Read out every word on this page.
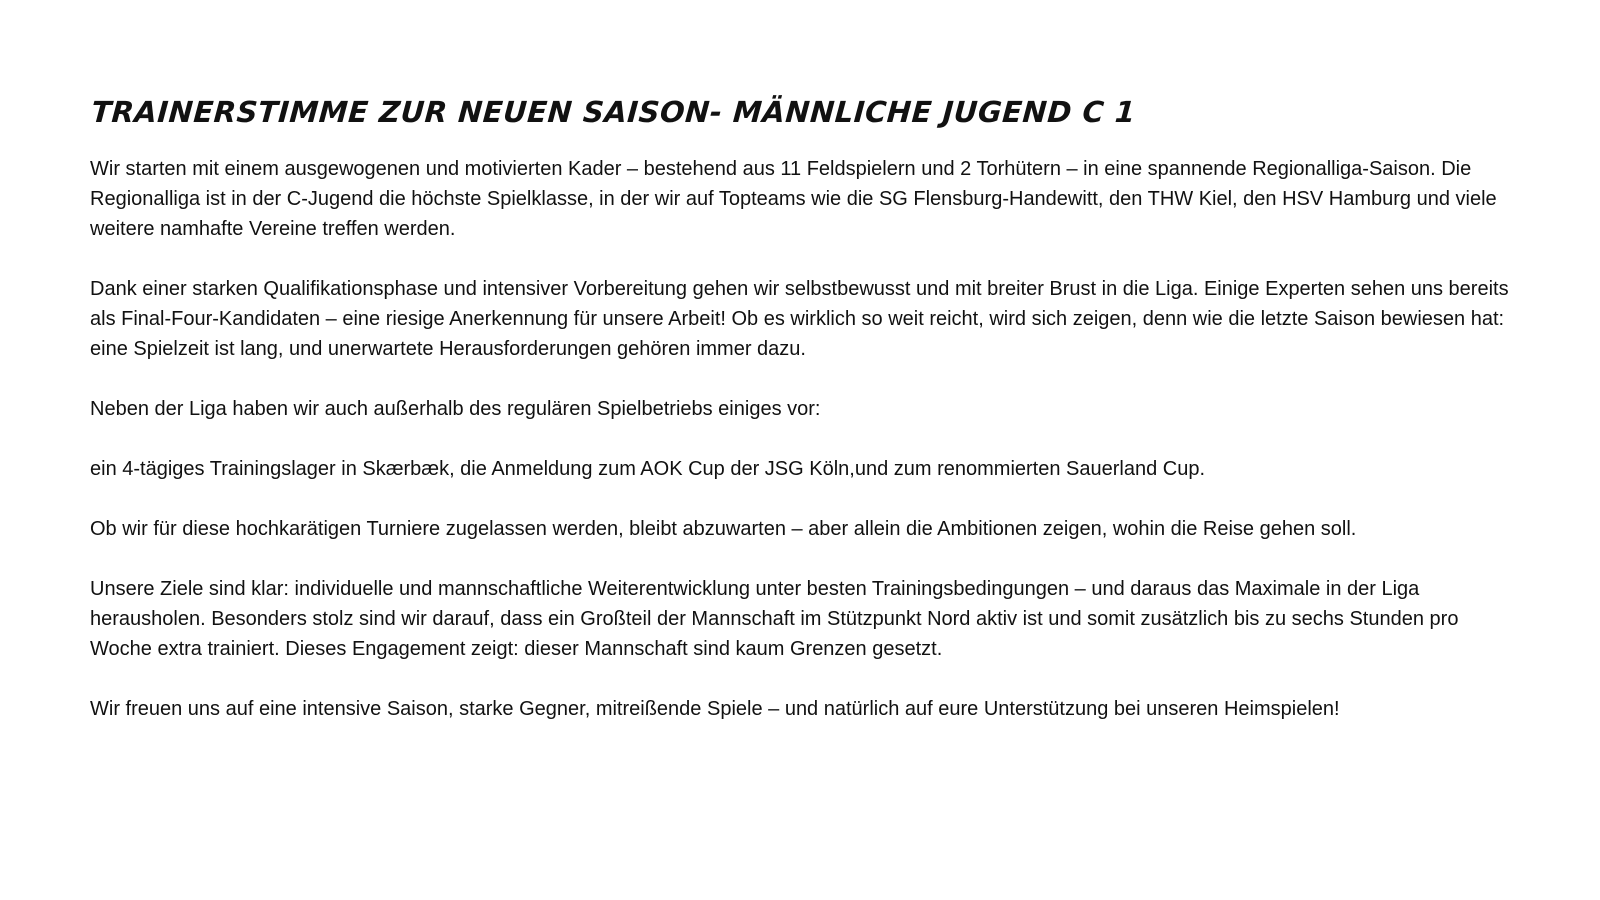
TRAINERSTIMME ZUR NEUEN SAISON- MÄNNLICHE JUGEND C 1

Wir starten mit einem ausgewogenen und motivierten Kader – bestehend aus 11 Feldspielern und 2 Torhütern – in eine spannende Regionalliga-Saison. Die Regionalliga ist in der C-Jugend die höchste Spielklasse, in der wir auf Topteams wie die SG Flensburg-Handewitt, den THW Kiel, den HSV Hamburg und viele weitere namhafte Vereine treffen werden.

Dank einer starken Qualifikationsphase und intensiver Vorbereitung gehen wir selbstbewusst und mit breiter Brust in die Liga. Einige Experten sehen uns bereits als Final-Four-Kandidaten – eine riesige Anerkennung für unsere Arbeit! Ob es wirklich so weit reicht, wird sich zeigen, denn wie die letzte Saison bewiesen hat: eine Spielzeit ist lang, und unerwartete Herausforderungen gehören immer dazu.

Neben der Liga haben wir auch außerhalb des regulären Spielbetriebs einiges vor:

ein 4-tägiges Trainingslager in Skærbæk, die Anmeldung zum AOK Cup der JSG Köln,und zum renommierten Sauerland Cup.

Ob wir für diese hochkarätigen Turniere zugelassen werden, bleibt abzuwarten – aber allein die Ambitionen zeigen, wohin die Reise gehen soll.

Unsere Ziele sind klar: individuelle und mannschaftliche Weiterentwicklung unter besten Trainingsbedingungen – und daraus das Maximale in der Liga herausholen. Besonders stolz sind wir darauf, dass ein Großteil der Mannschaft im Stützpunkt Nord aktiv ist und somit zusätzlich bis zu sechs Stunden pro Woche extra trainiert. Dieses Engagement zeigt: dieser Mannschaft sind kaum Grenzen gesetzt.

Wir freuen uns auf eine intensive Saison, starke Gegner, mitreißende Spiele – und natürlich auf eure Unterstützung bei unseren Heimspielen!
